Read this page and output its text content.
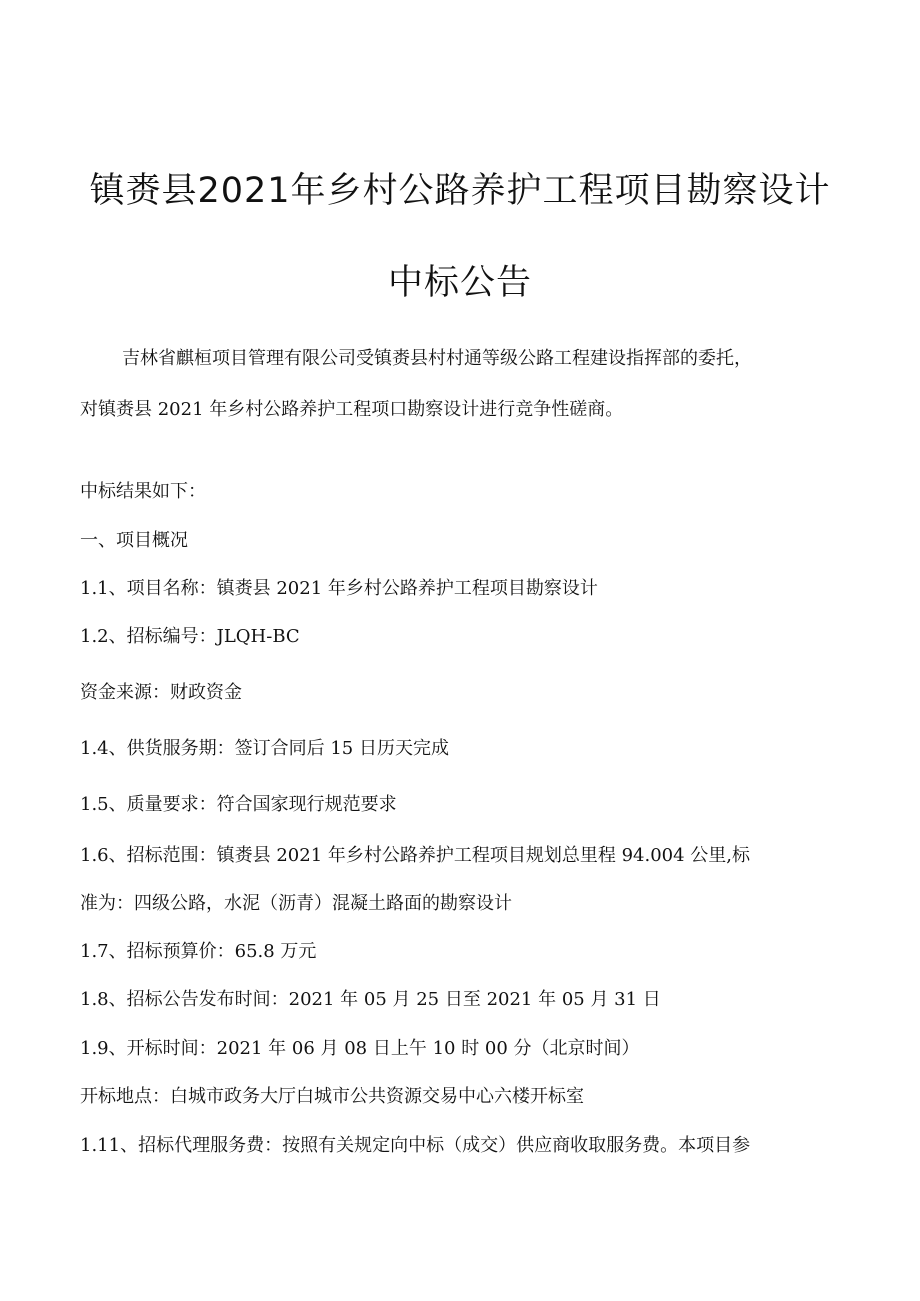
镇赉县2021年乡村公路养护工程项目勘察设计
中标公告

吉林省麒桓项目管理有限公司受镇赉县村村通等级公路工程建设指挥部的委托，

对镇赉县 2021 年乡村公路养护工程项口勘察设计进行竞争性磋商。

中标结果如下：

一、项目概况

1.1、项目名称：镇赉县 2021 年乡村公路养护工程项目勘察设计

1.2、招标编号：JLQH-BC

资金来源：财政资金

1.4、供货服务期：签订合同后 15 日历天完成

1.5、质量要求：符合国家现行规范要求

1.6、招标范围：镇赉县 2021 年乡村公路养护工程项目规划总里程 94.004 公里,标

准为：四级公路，水泥（沥青）混凝土路面的勘察设计

1.7、招标预算价：65.8 万元

1.8、招标公告发布时间：2021 年 05 月 25 日至 2021 年 05 月 31 日

1.9、开标时间：2021 年 06 月 08 日上午 10 时 00 分（北京时间）

开标地点：白城市政务大厅白城市公共资源交易中心六楼开标室

1.11、招标代理服务费：按照有关规定向中标（成交）供应商收取服务费。本项目参
